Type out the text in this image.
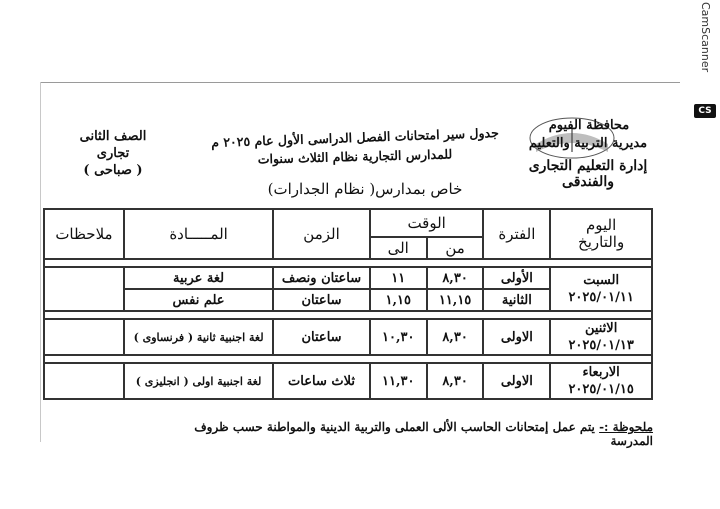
CamScanner
CS
محافظة الفيوم
مديرية التربية والتعليم
إدارة التعليم التجارى والفندقى
جدول سير امتحانات الفصل الدراسى الأول عام ٢٠٢٥ م
للمدارس التجارية نظام الثلاث سنوات
خاص بمدارس( نظام الجدارات)
الصف الثانى
تجارى
( صباحى )
اليوم
والتاريخ	الفترة	الوقت		الزمن	المـــــادة	ملاحظات
		من	الى			

السبت
٢٠٢٥/٠١/١١	الأولى	٨,٣٠	١١	ساعتان ونصف	لغة عربية	
	الثانية	١١,١٥	١,١٥	ساعتان	علم نفس	

الاثنين
٢٠٢٥/٠١/١٣	الاولى	٨,٣٠	١٠,٣٠	ساعتان	لغة اجنبية ثانية ( فرنساوى )	

الاربعاء
٢٠٢٥/٠١/١٥	الاولى	٨,٣٠	١١,٣٠	ثلاث ساعات	لغة اجنبية اولى ( انجليزى )	
ملحوظة :- يتم عمل إمتحانات الحاسب الألى العملى والتربية الدينية والمواطنة حسب ظروف المدرسة
